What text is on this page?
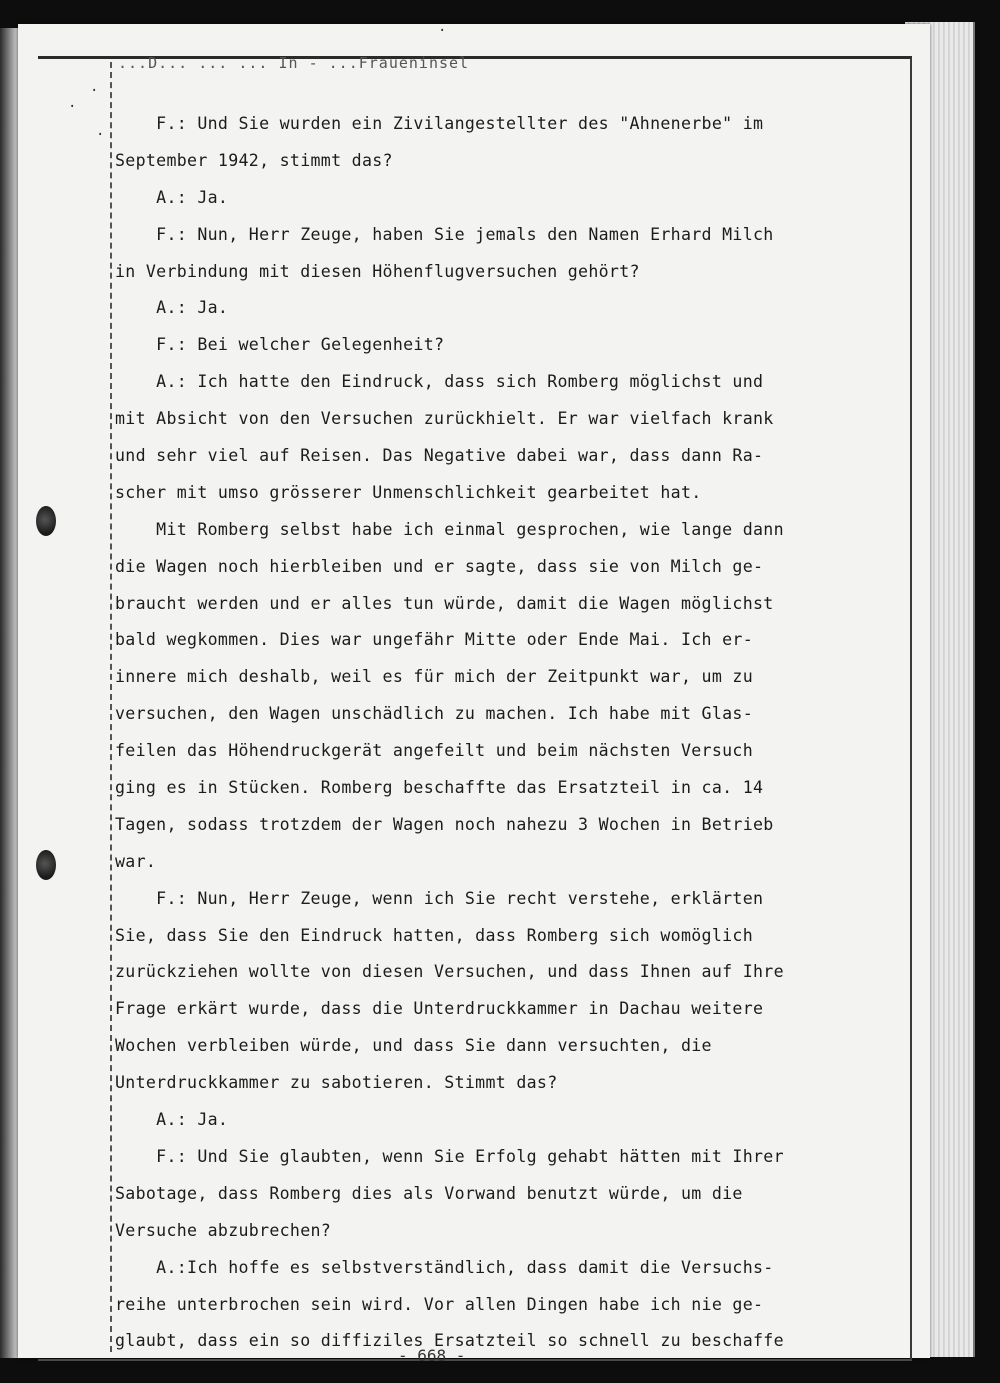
·
·
·
·
...D... ... ... In - ...Fraueninsel
F.: Und Sie wurden ein Zivilangestellter des "Ahnenerbe" im
September 1942, stimmt das?
A.: Ja.
F.: Nun, Herr Zeuge, haben Sie jemals den Namen Erhard Milch
in Verbindung mit diesen Höhenflugversuchen gehört?
A.: Ja.
F.: Bei welcher Gelegenheit?
A.: Ich hatte den Eindruck, dass sich Romberg möglichst und
mit Absicht von den Versuchen zurückhielt. Er war vielfach krank
und sehr viel auf Reisen. Das Negative dabei war, dass dann Ra-
scher mit umso grösserer Unmenschlichkeit gearbeitet hat.
Mit Romberg selbst habe ich einmal gesprochen, wie lange dann
die Wagen noch hierbleiben und er sagte, dass sie von Milch ge-
braucht werden und er alles tun würde, damit die Wagen möglichst
bald wegkommen. Dies war ungefähr Mitte oder Ende Mai. Ich er-
innere mich deshalb, weil es für mich der Zeitpunkt war, um zu
versuchen, den Wagen unschädlich zu machen. Ich habe mit Glas-
feilen das Höhendruckgerät angefeilt und beim nächsten Versuch
ging es in Stücken. Romberg beschaffte das Ersatzteil in ca. 14
Tagen, sodass trotzdem der Wagen noch nahezu 3 Wochen in Betrieb
war.
F.: Nun, Herr Zeuge, wenn ich Sie recht verstehe, erklärten
Sie, dass Sie den Eindruck hatten, dass Romberg sich womöglich
zurückziehen wollte von diesen Versuchen, und dass Ihnen auf Ihre
Frage erkärt wurde, dass die Unterdruckkammer in Dachau weitere
Wochen verbleiben würde, und dass Sie dann versuchten, die
Unterdruckkammer zu sabotieren. Stimmt das?
A.: Ja.
F.: Und Sie glaubten, wenn Sie Erfolg gehabt hätten mit Ihrer
Sabotage, dass Romberg dies als Vorwand benutzt würde, um die
Versuche abzubrechen?
A.:Ich hoffe es selbstverständlich, dass damit die Versuchs-
reihe unterbrochen sein wird. Vor allen Dingen habe ich nie ge-
glaubt, dass ein so diffiziles Ersatzteil so schnell zu beschaffe
- 668 -
